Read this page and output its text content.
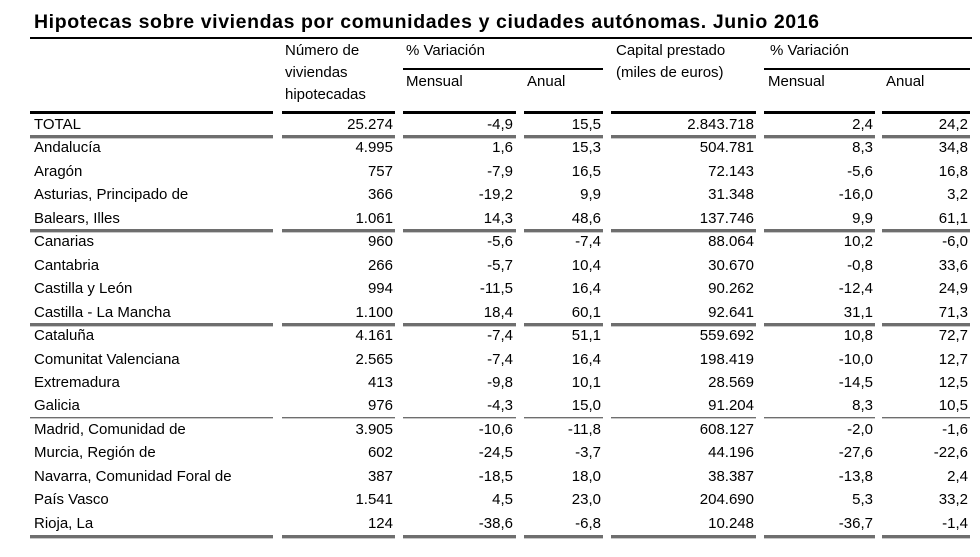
Hipotecas sobre viviendas por comunidades y ciudades autónomas. Junio 2016
Número de
viviendas
hipotecadas
% Variación
Mensual	Anual
Capital prestado
(miles de euros)
% Variación
Mensual	Anual
TOTAL	25.274	-4,9	15,5	2.843.718	2,4	24,2
Andalucía	4.995	1,6	15,3	504.781	8,3	34,8
Aragón	757	-7,9	16,5	72.143	-5,6	16,8
Asturias, Principado de	366	-19,2	9,9	31.348	-16,0	3,2
Balears, Illes	1.061	14,3	48,6	137.746	9,9	61,1
Canarias	960	-5,6	-7,4	88.064	10,2	-6,0
Cantabria	266	-5,7	10,4	30.670	-0,8	33,6
Castilla y León	994	-11,5	16,4	90.262	-12,4	24,9
Castilla - La Mancha	1.100	18,4	60,1	92.641	31,1	71,3
Cataluña	4.161	-7,4	51,1	559.692	10,8	72,7
Comunitat Valenciana	2.565	-7,4	16,4	198.419	-10,0	12,7
Extremadura	413	-9,8	10,1	28.569	-14,5	12,5
Galicia	976	-4,3	15,0	91.204	8,3	10,5
Madrid, Comunidad de	3.905	-10,6	-11,8	608.127	-2,0	-1,6
Murcia, Región de	602	-24,5	-3,7	44.196	-27,6	-22,6
Navarra, Comunidad Foral de	387	-18,5	18,0	38.387	-13,8	2,4
País Vasco	1.541	4,5	23,0	204.690	5,3	33,2
Rioja, La	124	-38,6	-6,8	10.248	-36,7	-1,4
